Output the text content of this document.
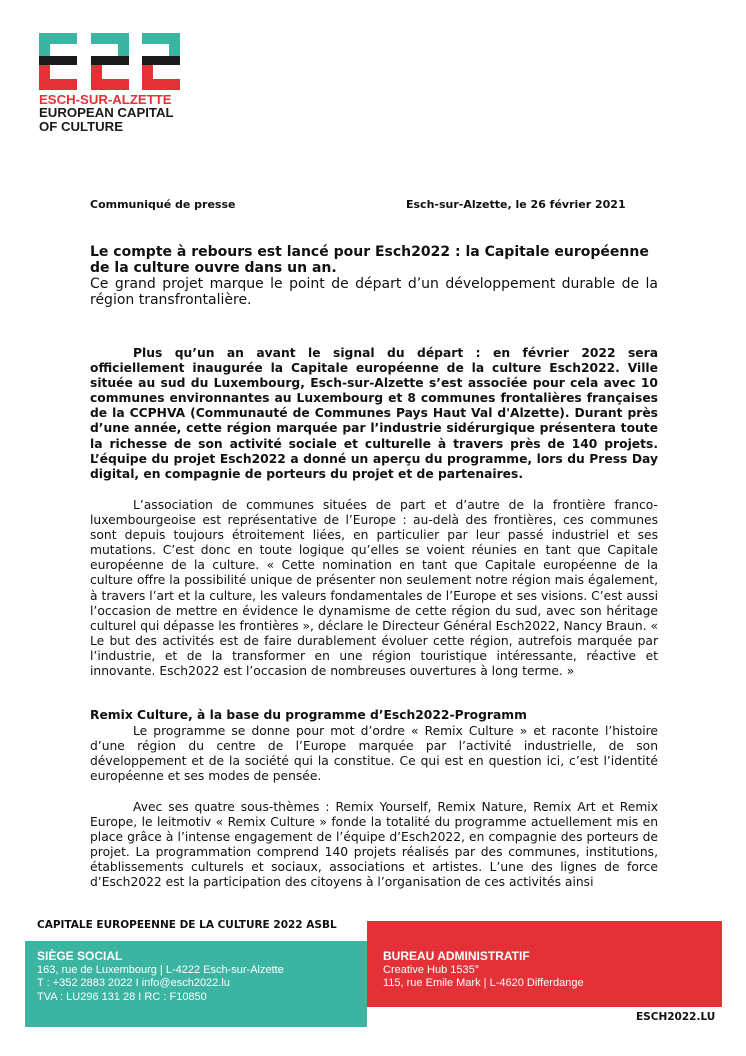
ESCH-SUR-ALZETTE
EUROPEAN CAPITAL
OF CULTURE
Communiqué de presse	Esch-sur-Alzette, le 26 février 2021
Le compte à rebours est lancé pour Esch2022 : la Capitale européenne de la culture ouvre dans un an.
Ce grand projet marque le point de départ d’un développement durable de la région transfrontalière.
Plus qu’un an avant le signal du départ : en février 2022 sera officiellement inaugurée la Capitale européenne de la culture Esch2022. Ville située au sud du Luxembourg, Esch-sur-Alzette s’est associée pour cela avec 10 communes environnantes au Luxembourg et 8 communes frontalières françaises de la CCPHVA (Communauté de Communes Pays Haut Val d'Alzette). Durant près d’une année, cette région marquée par l’industrie sidérurgique présentera toute la richesse de son activité sociale et culturelle à travers près de 140 projets. L’équipe du projet Esch2022 a donné un aperçu du programme, lors du Press Day digital, en compagnie de porteurs du projet et de partenaires.
L’association de communes situées de part et d’autre de la frontière franco-luxembourgeoise est représentative de l’Europe : au-delà des frontières, ces communes sont depuis toujours étroitement liées, en particulier par leur passé industriel et ses mutations. C’est donc en toute logique qu’elles se voient réunies en tant que Capitale européenne de la culture. « Cette nomination en tant que Capitale européenne de la culture offre la possibilité unique de présenter non seulement notre région mais également, à travers l’art et la culture, les valeurs fondamentales de l’Europe et ses visions. C’est aussi l’occasion de mettre en évidence le dynamisme de cette région du sud, avec son héritage culturel qui dépasse les frontières », déclare le Directeur Général Esch2022, Nancy Braun. « Le but des activités est de faire durablement évoluer cette région, autrefois marquée par l’industrie, et de la transformer en une région touristique intéressante, réactive et innovante. Esch2022 est l’occasion de nombreuses ouvertures à long terme. »
Remix Culture, à la base du programme d’Esch2022-Programm
Le programme se donne pour mot d’ordre « Remix Culture » et raconte l’histoire d’une région du centre de l’Europe marquée par l’activité industrielle, de son développement et de la société qui la constitue. Ce qui est en question ici, c’est l’identité européenne et ses modes de pensée.
Avec ses quatre sous-thèmes : Remix Yourself, Remix Nature, Remix Art et Remix Europe, le leitmotiv « Remix Culture » fonde la totalité du programme actuellement mis en place grâce à l’intense engagement de l’équipe d’Esch2022, en compagnie des porteurs de projet. La programmation comprend 140 projets réalisés par des communes, institutions, établissements culturels et sociaux, associations et artistes. L’une des lignes de force d’Esch2022 est la participation des citoyens à l’organisation de ces activités ainsi
CAPITALE EUROPEENNE DE LA CULTURE 2022 ASBL
SIÈGE SOCIAL
163, rue de Luxembourg | L-4222 Esch-sur-Alzette
T : +352 2883 2022 I info@esch2022.lu
TVA : LU296 131 28 I RC : F10850
BUREAU ADMINISTRATIF
Creative Hub 1535°
115, rue Emile Mark | L-4620 Differdange
ESCH2022.LU
